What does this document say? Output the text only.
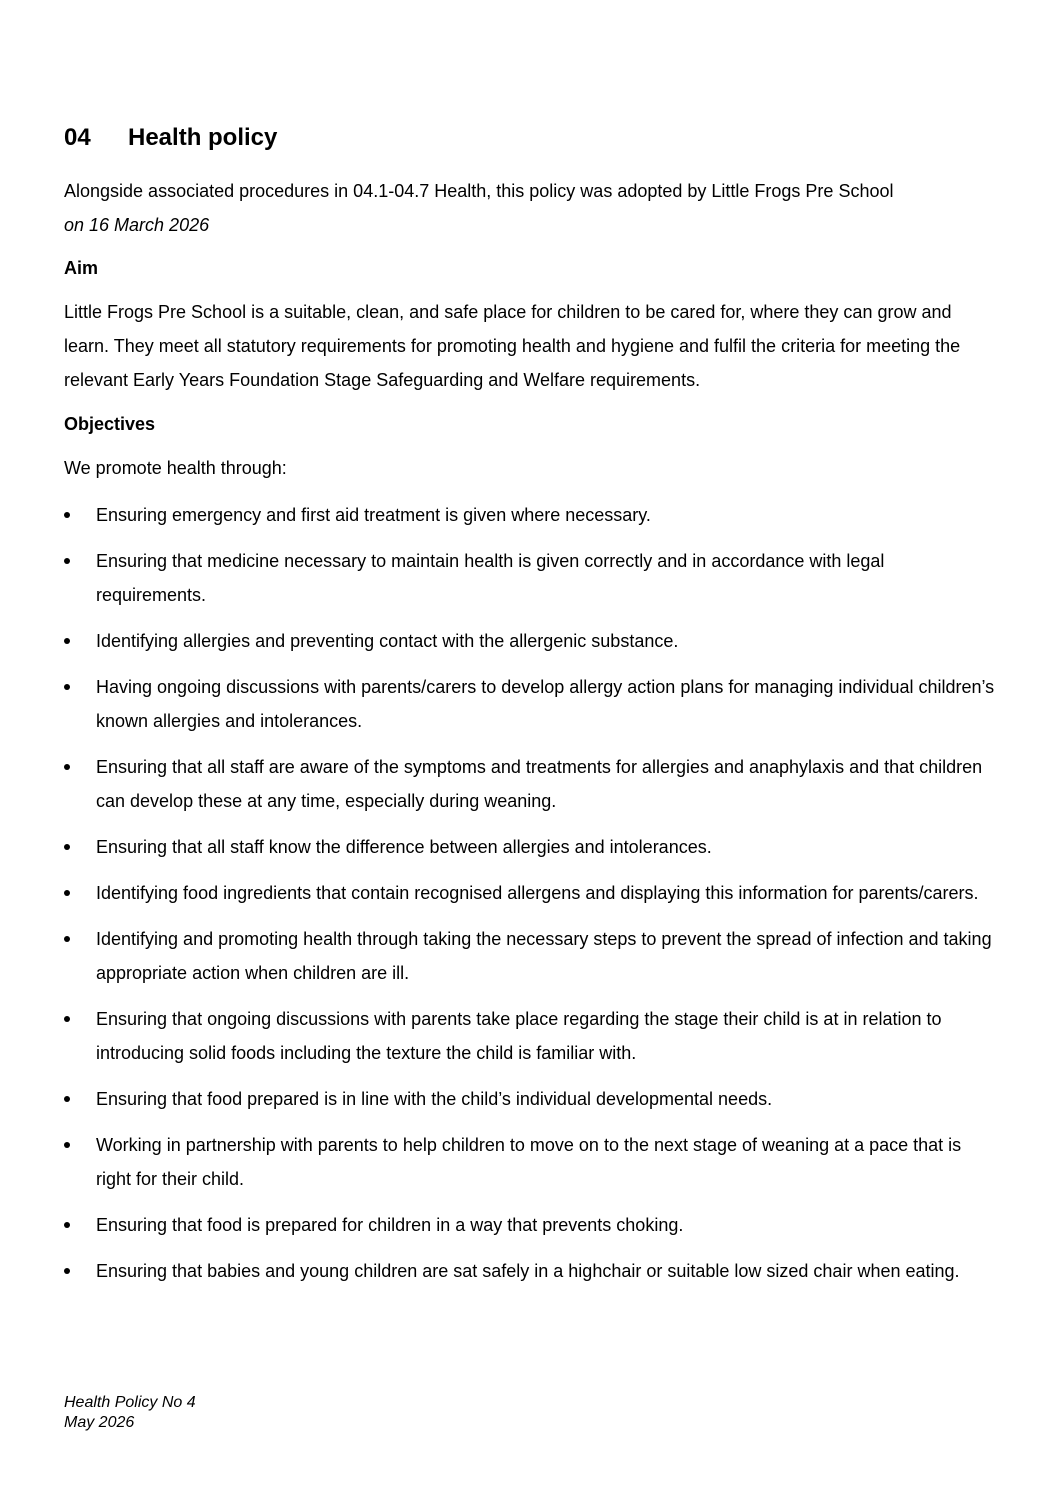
04 Health policy
Alongside associated procedures in 04.1-04.7 Health, this policy was adopted by Little Frogs Pre School
on 16 March 2026
Aim
Little Frogs Pre School is a suitable, clean, and safe place for children to be cared for, where they can grow and learn. They meet all statutory requirements for promoting health and hygiene and fulfil the criteria for meeting the relevant Early Years Foundation Stage Safeguarding and Welfare requirements.
Objectives
We promote health through:
Ensuring emergency and first aid treatment is given where necessary.
Ensuring that medicine necessary to maintain health is given correctly and in accordance with legal requirements.
Identifying allergies and preventing contact with the allergenic substance.
Having ongoing discussions with parents/carers to develop allergy action plans for managing individual children’s known allergies and intolerances.
Ensuring that all staff are aware of the symptoms and treatments for allergies and anaphylaxis and that children can develop these at any time, especially during weaning.
Ensuring that all staff know the difference between allergies and intolerances.
Identifying food ingredients that contain recognised allergens and displaying this information for parents/carers.
Identifying and promoting health through taking the necessary steps to prevent the spread of infection and taking appropriate action when children are ill.
Ensuring that ongoing discussions with parents take place regarding the stage their child is at in relation to introducing solid foods including the texture the child is familiar with.
Ensuring that food prepared is in line with the child’s individual developmental needs.
Working in partnership with parents to help children to move on to the next stage of weaning at a pace that is right for their child.
Ensuring that food is prepared for children in a way that prevents choking.
Ensuring that babies and young children are sat safely in a highchair or suitable low sized chair when eating.
Health Policy No 4
May 2026
